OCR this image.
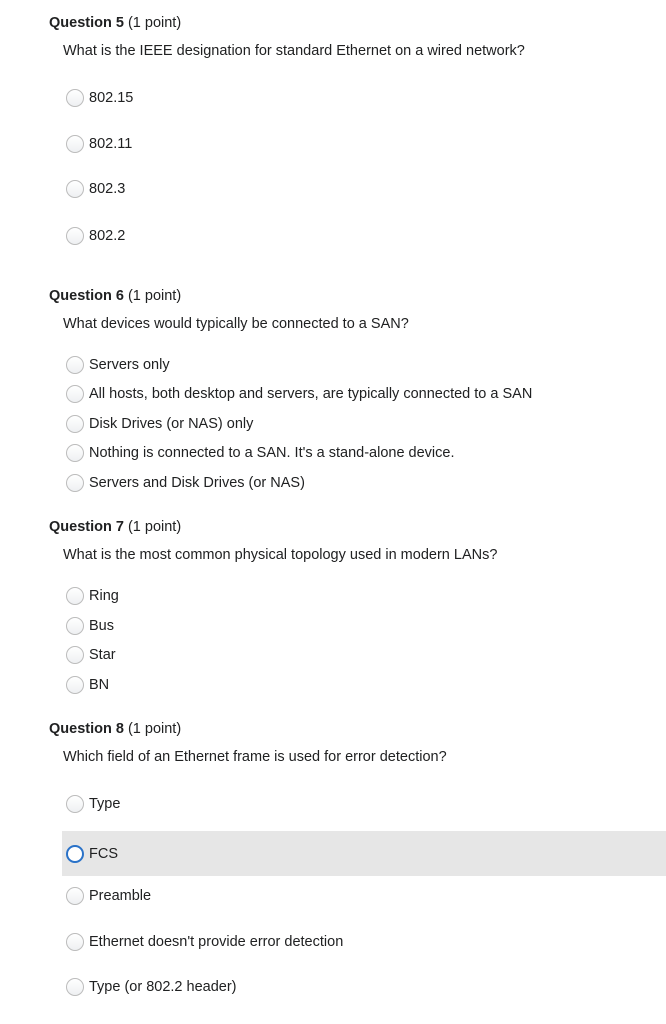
Question 5 (1 point)
What is the IEEE designation for standard Ethernet on a wired network?
802.15
802.11
802.3
802.2
Question 6 (1 point)
What devices would typically be connected to a SAN?
Servers only
All hosts, both desktop and servers, are typically connected to a SAN
Disk Drives (or NAS) only
Nothing is connected to a SAN. It's a stand-alone device.
Servers and Disk Drives (or NAS)
Question 7 (1 point)
What is the most common physical topology used in modern LANs?
Ring
Bus
Star
BN
Question 8 (1 point)
Which field of an Ethernet frame is used for error detection?
Type
FCS
Preamble
Ethernet doesn't provide error detection
Type (or 802.2 header)
